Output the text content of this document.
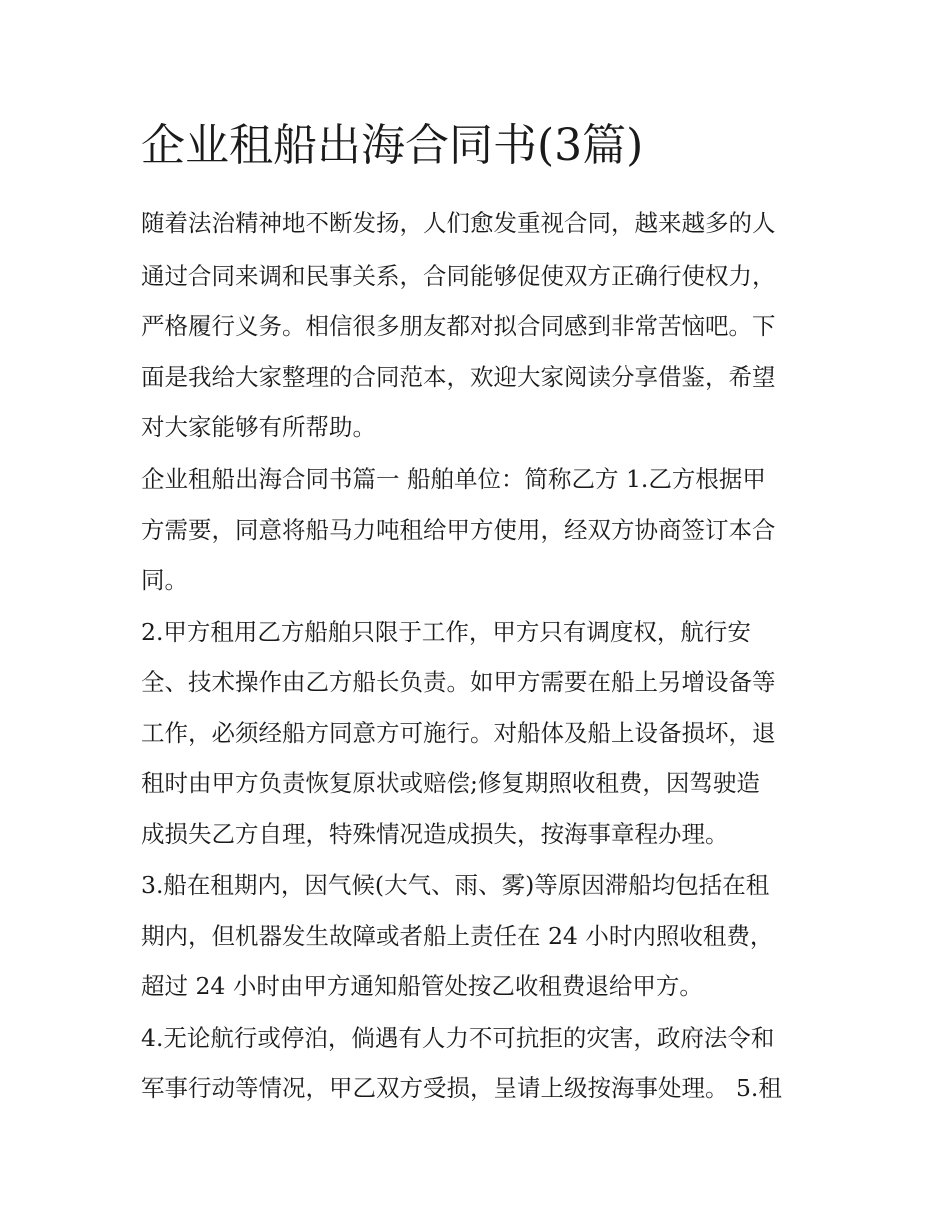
企业租船出海合同书(3篇)

随着法治精神地不断发扬，人们愈发重视合同，越来越多的人

通过合同来调和民事关系，合同能够促使双方正确行使权力，

严格履行义务。相信很多朋友都对拟合同感到非常苦恼吧。下

面是我给大家整理的合同范本，欢迎大家阅读分享借鉴，希望

对大家能够有所帮助。

企业租船出海合同书篇一 船舶单位：简称乙方 1.乙方根据甲

方需要，同意将船马力吨租给甲方使用，经双方协商签订本合

同。

2.甲方租用乙方船舶只限于工作，甲方只有调度权，航行安

全、技术操作由乙方船长负责。如甲方需要在船上另增设备等

工作，必须经船方同意方可施行。对船体及船上设备损坏，退

租时由甲方负责恢复原状或赔偿;修复期照收租费，因驾驶造

成损失乙方自理，特殊情况造成损失，按海事章程办理。

3.船在租期内，因气候(大气、雨、雾)等原因滞船均包括在租

期内，但机器发生故障或者船上责任在 24 小时内照收租费，

超过 24 小时由甲方通知船管处按乙收租费退给甲方。

4.无论航行或停泊，倘遇有人力不可抗拒的灾害，政府法令和

军事行动等情况，甲乙双方受损，呈请上级按海事处理。 5.租
